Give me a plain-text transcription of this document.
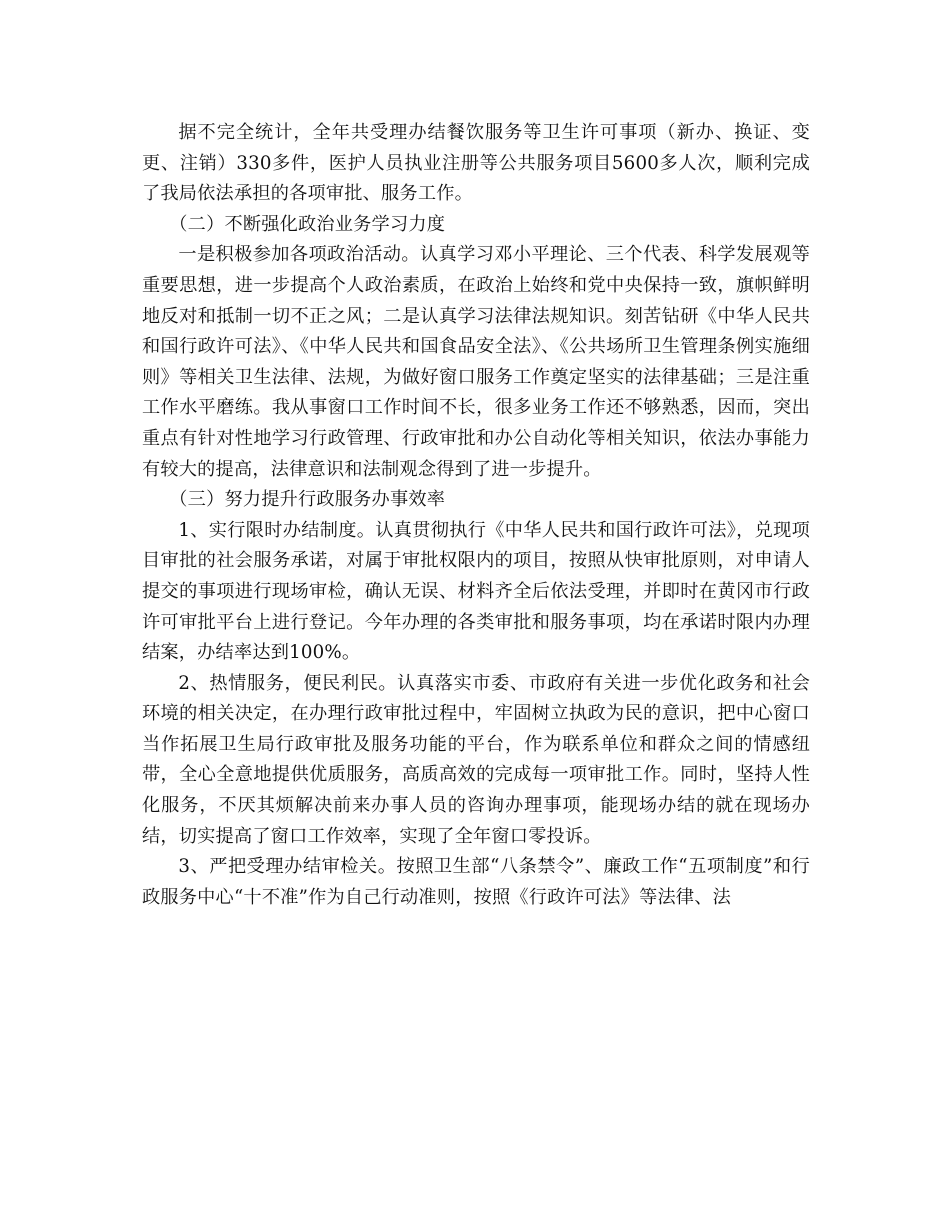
据不完全统计，全年共受理办结餐饮服务等卫生许可事项（新办、换证、变更、注销）330多件，医护人员执业注册等公共服务项目5600多人次，顺利完成了我局依法承担的各项审批、服务工作。

（二）不断强化政治业务学习力度

一是积极参加各项政治活动。认真学习邓小平理论、三个代表、科学发展观等重要思想，进一步提高个人政治素质，在政治上始终和党中央保持一致，旗帜鲜明地反对和抵制一切不正之风；二是认真学习法律法规知识。刻苦钻研《中华人民共和国行政许可法》、《中华人民共和国食品安全法》、《公共场所卫生管理条例实施细则》等相关卫生法律、法规，为做好窗口服务工作奠定坚实的法律基础；三是注重工作水平磨练。我从事窗口工作时间不长，很多业务工作还不够熟悉，因而，突出重点有针对性地学习行政管理、行政审批和办公自动化等相关知识，依法办事能力有较大的提高，法律意识和法制观念得到了进一步提升。

（三）努力提升行政服务办事效率

1、实行限时办结制度。认真贯彻执行《中华人民共和国行政许可法》，兑现项目审批的社会服务承诺，对属于审批权限内的项目，按照从快审批原则，对申请人提交的事项进行现场审检，确认无误、材料齐全后依法受理，并即时在黄冈市行政许可审批平台上进行登记。今年办理的各类审批和服务事项，均在承诺时限内办理结案，办结率达到100%。

2、热情服务，便民利民。认真落实市委、市政府有关进一步优化政务和社会环境的相关决定，在办理行政审批过程中，牢固树立执政为民的意识，把中心窗口当作拓展卫生局行政审批及服务功能的平台，作为联系单位和群众之间的情感纽带，全心全意地提供优质服务，高质高效的完成每一项审批工作。同时，坚持人性化服务，不厌其烦解决前来办事人员的咨询办理事项，能现场办结的就在现场办结，切实提高了窗口工作效率，实现了全年窗口零投诉。

3、严把受理办结审检关。按照卫生部“八条禁令”、廉政工作“五项制度”和行政服务中心“十不准”作为自己行动准则，按照《行政许可法》等法律、法
